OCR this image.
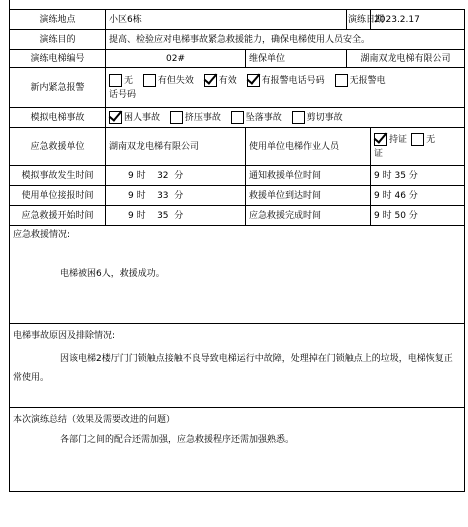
演练地点	小区6栋		演练日期	2023.2.17
演练目的	提高、检验应对电梯事故紧急救援能力，确保电梯使用人员安全。			
演练电梯编号	02#	维保单位	湖南双龙电梯有限公司	
新内紧急报警	无 有但失效 有效 有报警电话号码 无报警电
话号码			
模拟电梯事故	困人事故 挤压事故 坠落事故 剪切事故			
应急救援单位	湖南双龙电梯有限公司	使用单位电梯作业人员		持证 无
证
模拟事故发生时间	9 时 32 分	通知救援单位时间		9 时 35 分
使用单位接报时间	9 时 33 分	救援单位到达时间		9 时 46 分
应急救援开始时间	9 时 35 分	应急救援完成时间		9 时 50 分

应急救援情况:
电梯被困6人，救援成功。				

电梯事故原因及排除情况:
因该电梯2楼厅门门锁触点接触不良导致电梯运行中故障，处理掉在门锁触点上的垃圾，电梯恢复正常使用。				

本次演练总结（效果及需要改进的问题）
各部门之间的配合还需加强，应急救援程序还需加强熟悉。				
